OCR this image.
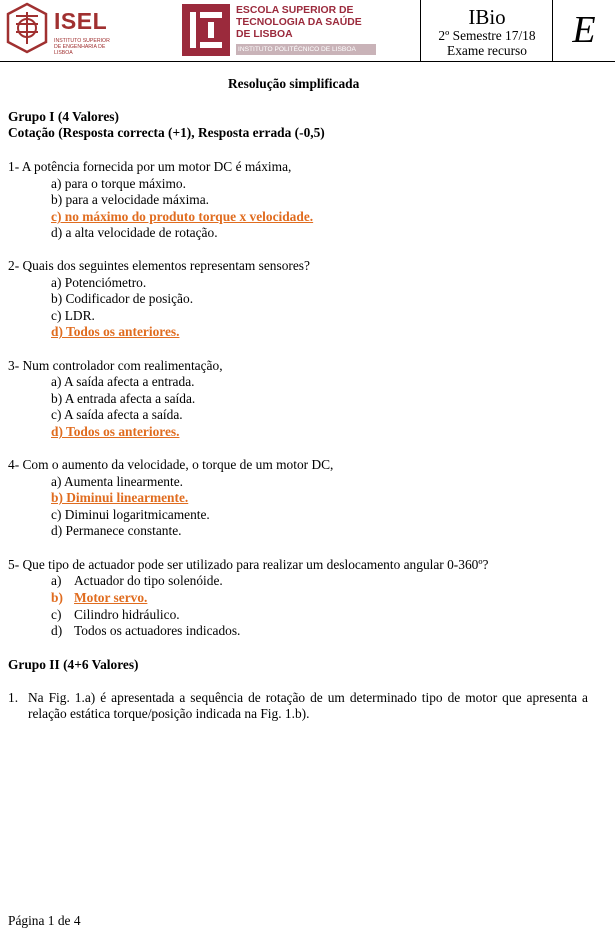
ISEL
INSTITUTO SUPERIOR DE ENGENHARIA DE LISBOA
ESCOLA SUPERIOR DE
TECNOLOGIA DA SAÚDE
DE LISBOA
INSTITUTO POLITÉCNICO DE LISBOA
IBio
2º Semestre 17/18
Exame recurso	E
Resolução simplificada
Grupo I (4 Valores)
Cotação (Resposta correcta (+1), Resposta errada (-0,5)
1- A potência fornecida por um motor DC é máxima,
a) para o torque máximo.
b) para a velocidade máxima.
c) no máximo do produto torque x velocidade.
d) a alta velocidade de rotação.
2- Quais dos seguintes elementos representam sensores?
a) Potenciómetro.
b) Codificador de posição.
c) LDR.
d) Todos os anteriores.
3- Num controlador com realimentação,
a) A saída afecta a entrada.
b) A entrada afecta a saída.
c) A saída afecta a saída.
d) Todos os anteriores.
4- Com o aumento da velocidade, o torque de um motor DC,
a) Aumenta linearmente.
b) Diminui linearmente.
c) Diminui logaritmicamente.
d) Permanece constante.
5- Que tipo de actuador pode ser utilizado para realizar um deslocamento angular 0-360º?
a) Actuador do tipo solenóide.
b) Motor servo.
c) Cilindro hidráulico.
d) Todos os actuadores indicados.
Grupo II (4+6 Valores)
1. Na Fig. 1.a) é apresentada a sequência de rotação de um determinado tipo de motor que apresenta a relação estática torque/posição indicada na Fig. 1.b).
Página 1 de 4
